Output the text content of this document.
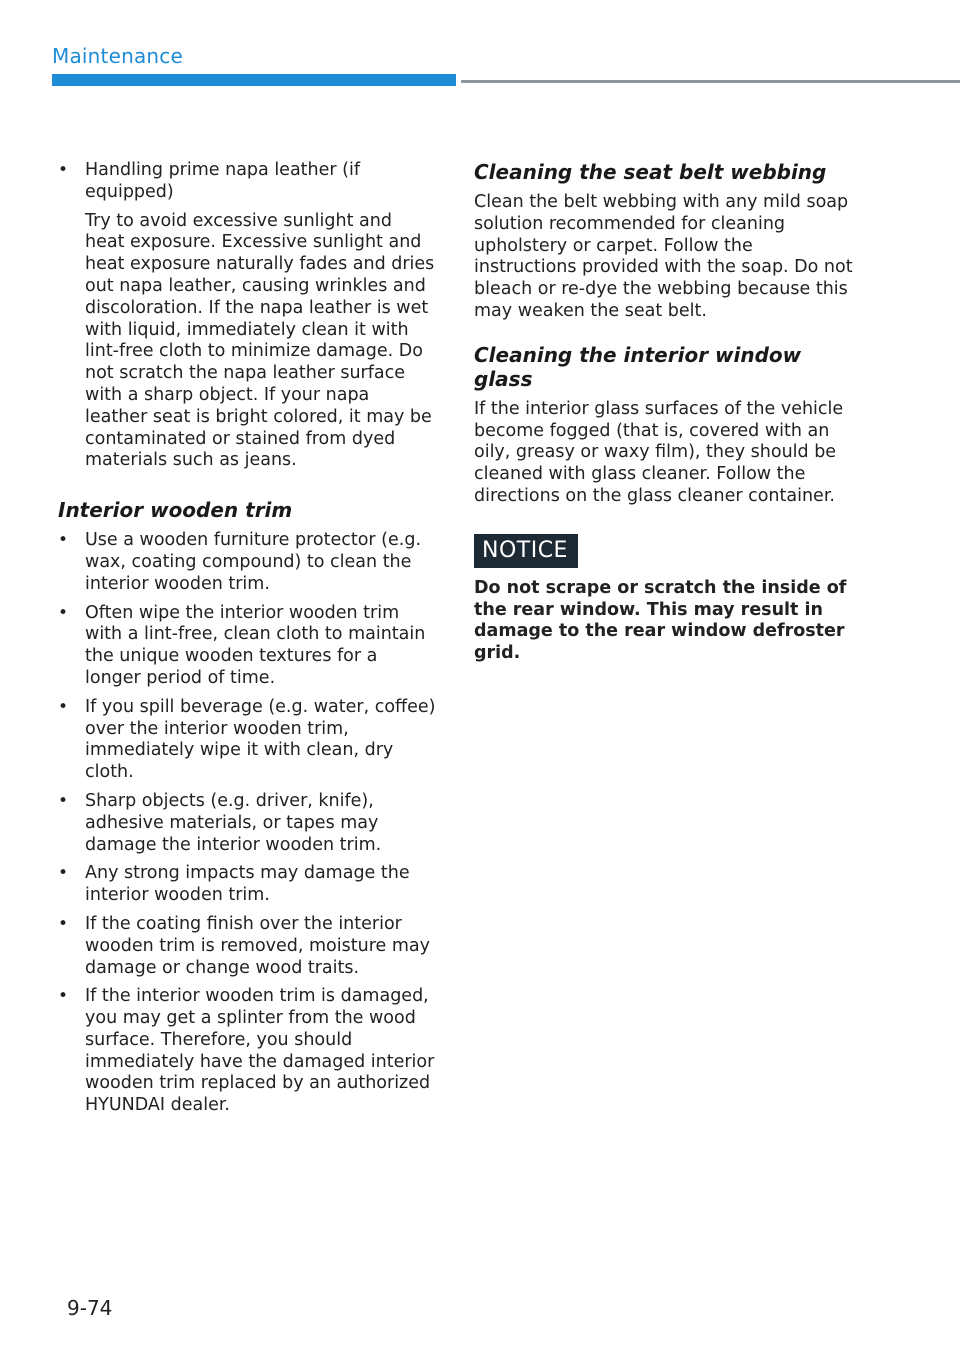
Maintenance
• Handling prime napa leather (if equipped)

Try to avoid excessive sunlight and heat exposure. Excessive sunlight and heat exposure naturally fades and dries out napa leather, causing wrinkles and discoloration. If the napa leather is wet with liquid, immediately clean it with lint-free cloth to minimize damage. Do not scratch the napa leather surface with a sharp object. If your napa leather seat is bright colored, it may be contaminated or stained from dyed materials such as jeans.

Interior wooden trim

• Use a wooden furniture protector (e.g. wax, coating compound) to clean the interior wooden trim.

• Often wipe the interior wooden trim with a lint-free, clean cloth to maintain the unique wooden textures for a longer period of time.

• If you spill beverage (e.g. water, coffee) over the interior wooden trim, immediately wipe it with clean, dry cloth.

• Sharp objects (e.g. driver, knife), adhesive materials, or tapes may damage the interior wooden trim.

• Any strong impacts may damage the interior wooden trim.

• If the coating finish over the interior wooden trim is removed, moisture may damage or change wood traits.

• If the interior wooden trim is damaged, you may get a splinter from the wood surface. Therefore, you should immediately have the damaged interior wooden trim replaced by an authorized HYUNDAI dealer.

Cleaning the seat belt webbing

Clean the belt webbing with any mild soap solution recommended for cleaning upholstery or carpet. Follow the instructions provided with the soap. Do not bleach or re-dye the webbing because this may weaken the seat belt.

Cleaning the interior window glass

If the interior glass surfaces of the vehicle become fogged (that is, covered with an oily, greasy or waxy film), they should be cleaned with glass cleaner. Follow the directions on the glass cleaner container.

NOTICE

Do not scrape or scratch the inside of the rear window. This may result in damage to the rear window defroster grid.

9-74
